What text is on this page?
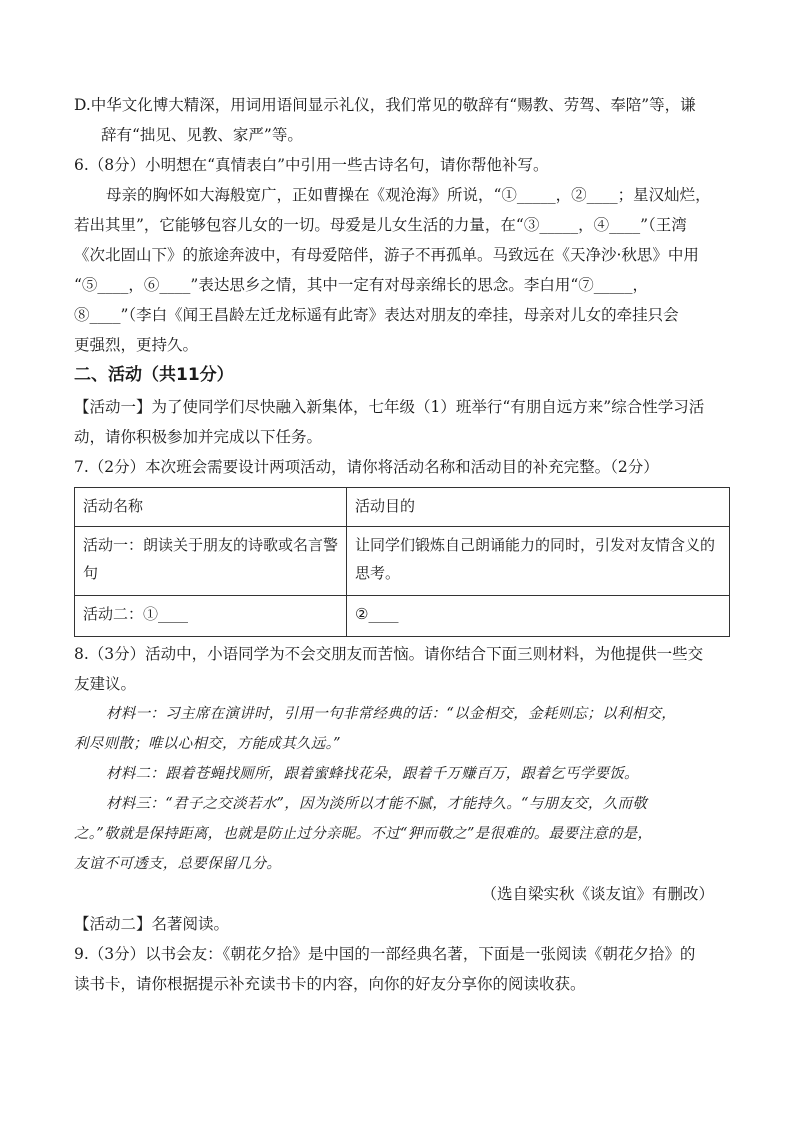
D.中华文化博大精深，用词用语间显示礼仪，我们常见的敬辞有“赐教、劳驾、奉陪”等，谦
辞有“拙见、见教、家严”等。
6.（8分）小明想在“真情表白”中引用一些古诗名句，请你帮他补写。
母亲的胸怀如大海般宽广，正如曹操在《观沧海》所说，“①_____，②____；星汉灿烂，
若出其里”，它能够包容儿女的一切。母爱是儿女生活的力量，在“③_____，④____”（王湾
《次北固山下》的旅途奔波中，有母爱陪伴，游子不再孤单。马致远在《天净沙·秋思》中用
“⑤____，⑥____”表达思乡之情，其中一定有对母亲绵长的思念。李白用“⑦_____，
⑧____”（李白《闻王昌龄左迁龙标遥有此寄》表达对朋友的牵挂，母亲对儿女的牵挂只会
更强烈，更持久。
二、活动（共11分）
【活动一】为了使同学们尽快融入新集体，七年级（1）班举行“有朋自远方来”综合性学习活
动，请你积极参加并完成以下任务。
7.（2分）本次班会需要设计两项活动，请你将活动名称和活动目的补充完整。（2分）
活动名称	活动目的
活动一：朗读关于朋友的诗歌或名言警句	让同学们锻炼自己朗诵能力的同时，引发对友情含义的思考。
活动二：①____	②____
8.（3分）活动中，小语同学为不会交朋友而苦恼。请你结合下面三则材料，为他提供一些交
友建议。
材料一：习主席在演讲时，引用一句非常经典的话：“以金相交，金耗则忘；以利相交，
利尽则散；唯以心相交，方能成其久远。”
材料二：跟着苍蝇找厕所，跟着蜜蜂找花朵，跟着千万赚百万，跟着乞丐学要饭。
材料三：“君子之交淡若水”，因为淡所以才能不腻，才能持久。“与朋友交，久而敬
之。”敬就是保持距离，也就是防止过分亲昵。不过“狎而敬之”是很难的。最要注意的是，
友谊不可透支，总要保留几分。
（选自梁实秋《谈友谊》有删改）
【活动二】名著阅读。
9.（3分）以书会友：《朝花夕拾》是中国的一部经典名著，下面是一张阅读《朝花夕拾》的
读书卡，请你根据提示补充读书卡的内容，向你的好友分享你的阅读收获。
